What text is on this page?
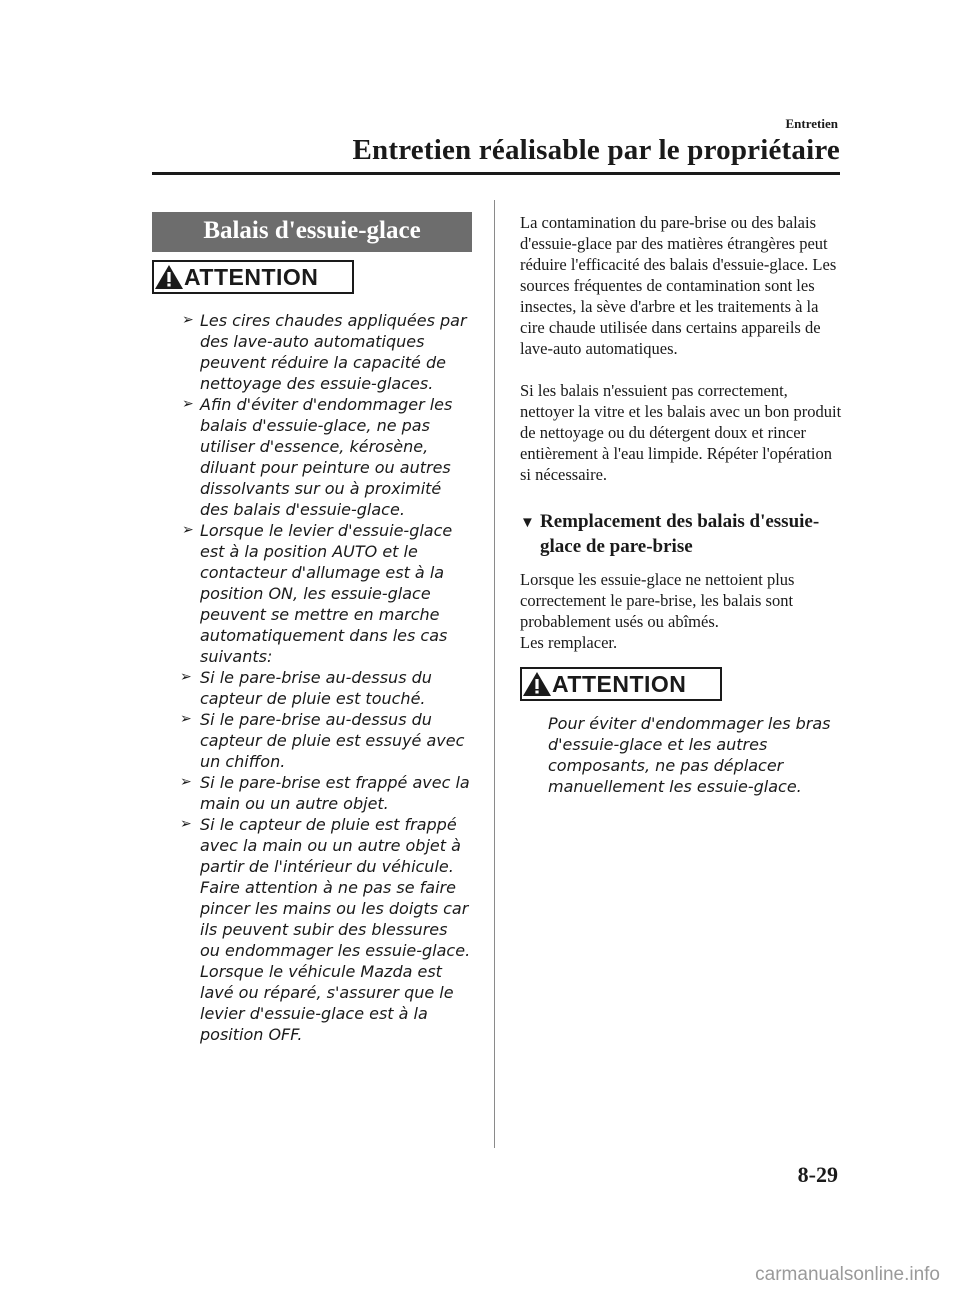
Entretien
Entretien réalisable par le propriétaire
Balais d'essuie-glace
ATTENTION
➢ Les cires chaudes appliquées par des lave-auto automatiques peuvent réduire la capacité de nettoyage des essuie-glaces.
➢ Afin d'éviter d'endommager les balais d'essuie-glace, ne pas utiliser d'essence, kérosène, diluant pour peinture ou autres dissolvants sur ou à proximité des balais d'essuie-glace.
➢ Lorsque le levier d'essuie-glace est à la position AUTO et le contacteur d'allumage est à la position ON, les essuie-glace peuvent se mettre en marche automatiquement dans les cas suivants:
➢ Si le pare-brise au-dessus du capteur de pluie est touché.
➢ Si le pare-brise au-dessus du capteur de pluie est essuyé avec un chiffon.
➢ Si le pare-brise est frappé avec la main ou un autre objet.
➢ Si le capteur de pluie est frappé avec la main ou un autre objet à partir de l'intérieur du véhicule.
Faire attention à ne pas se faire pincer les mains ou les doigts car ils peuvent subir des blessures ou endommager les essuie-glace. Lorsque le véhicule Mazda est lavé ou réparé, s'assurer que le levier d'essuie-glace est à la position OFF.

La contamination du pare-brise ou des balais d'essuie-glace par des matières étrangères peut réduire l'efficacité des balais d'essuie-glace. Les sources fréquentes de contamination sont les insectes, la sève d'arbre et les traitements à la cire chaude utilisée dans certains appareils de lave-auto automatiques.

Si les balais n'essuient pas correctement, nettoyer la vitre et les balais avec un bon produit de nettoyage ou du détergent doux et rincer entièrement à l'eau limpide. Répéter l'opération si nécessaire.

▼ Remplacement des balais d'essuie-glace de pare-brise

Lorsque les essuie-glace ne nettoient plus correctement le pare-brise, les balais sont probablement usés ou abîmés.

Les remplacer.

ATTENTION

Pour éviter d'endommager les bras d'essuie-glace et les autres composants, ne pas déplacer manuellement les essuie-glace.

8-29
carmanualsonline.info
